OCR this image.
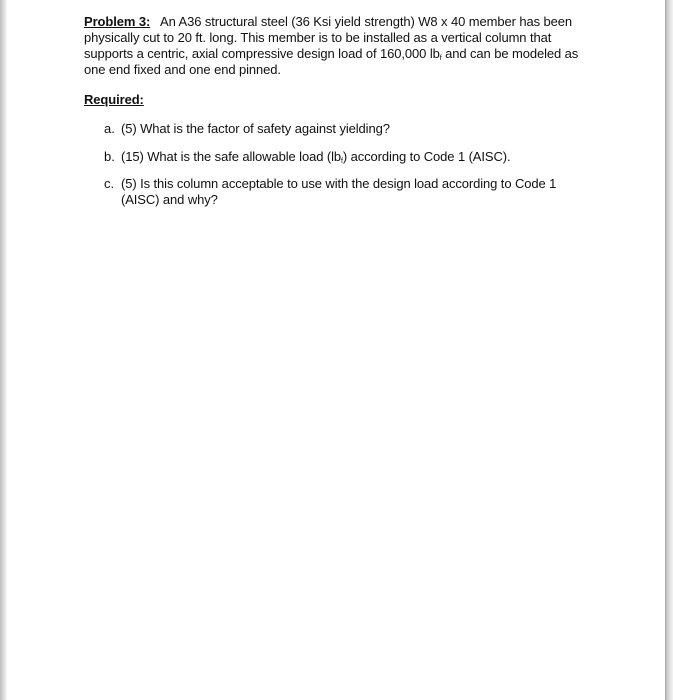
Problem 3: An A36 structural steel (36 Ksi yield strength) W8 x 40 member has been
physically cut to 20 ft. long. This member is to be installed as a vertical column that
supports a centric, axial compressive design load of 160,000 $lb_f$ and can be modeled as
one end fixed and one end pinned.
Required:
a. (5) What is the factor of safety against yielding?
b. (15) What is the safe allowable load $(lb_f)$ according to Code 1 (AISC).
c. (5) Is this column acceptable to use with the design load according to Code 1
(AISC) and why?
